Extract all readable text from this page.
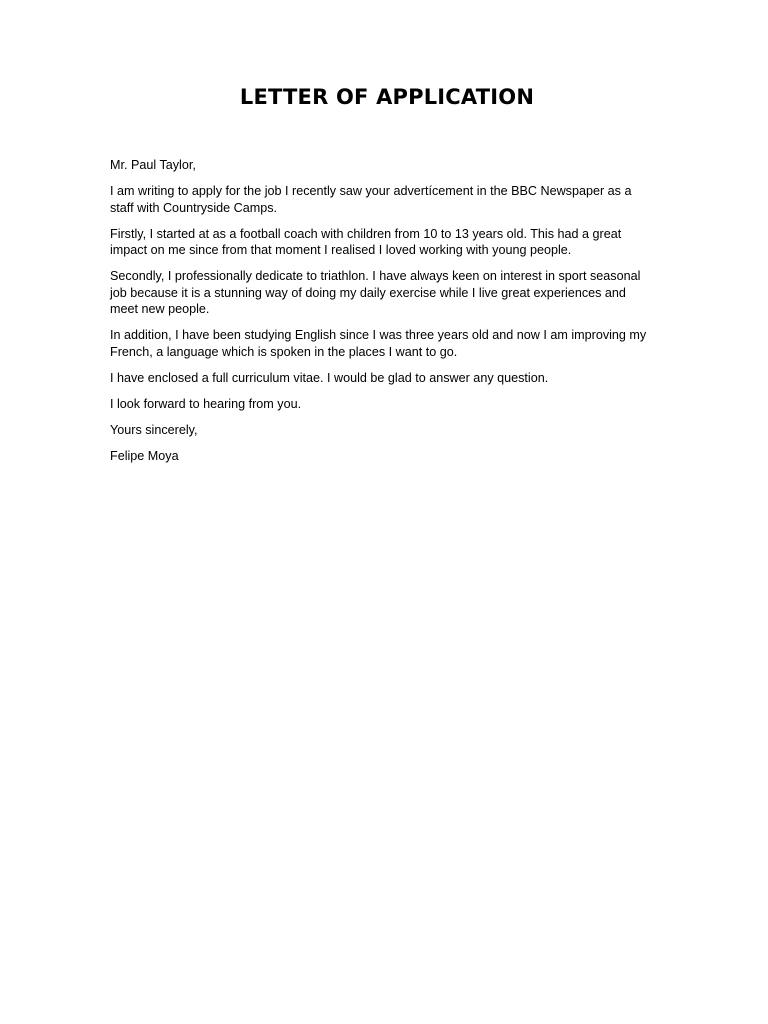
LETTER OF APPLICATION

Mr. Paul Taylor,

I am writing to apply for the job I recently saw your advertícement in the BBC Newspaper as a staff with Countryside Camps.

Firstly, I started at as a football coach with children from 10 to 13 years old. This had a great impact on me since from that moment I realised I loved working with young people.

Secondly, I professionally dedicate to triathlon. I have always keen on interest in sport seasonal job because it is a stunning way of doing my daily exercise while I live great experiences and meet new people.

In addition, I have been studying English since I was three years old and now I am improving my French, a language which is spoken in the places I want to go.

I have enclosed a full curriculum vitae. I would be glad to answer any question.

I look forward to hearing from you.

Yours sincerely,

Felipe Moya
